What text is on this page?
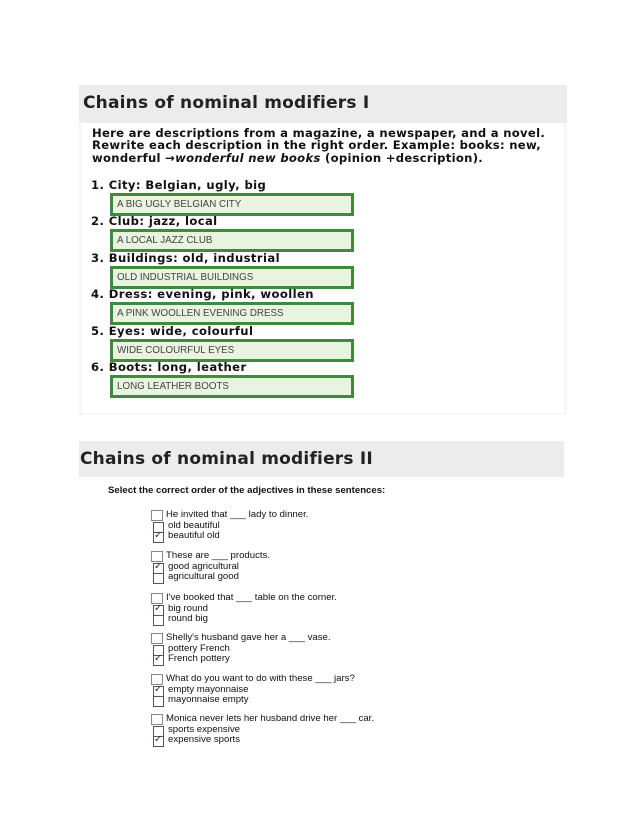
Chains of nominal modifiers I
Here are descriptions from a magazine, a newspaper, and a novel. Rewrite each description in the right order. Example: books: new, wonderful →wonderful new books (opinion +description).
1. City: Belgian, ugly, big
A BIG UGLY BELGIAN CITY
2. Club: jazz, local
A LOCAL JAZZ CLUB
3. Buildings: old, industrial
OLD INDUSTRIAL BUILDINGS
4. Dress: evening, pink, woollen
A PINK WOOLLEN EVENING DRESS
5. Eyes: wide, colourful
WIDE COLOURFUL EYES
6. Boots: long, leather
LONG LEATHER BOOTS
Chains of nominal modifiers II
Select the correct order of the adjectives in these sentences:
He invited that ___ lady to dinner.
old beautiful
✓
beautiful old
These are ___ products.
✓
good agricultural
agricultural good
I've booked that ___ table on the corner.
✓
big round
round big
Shelly's husband gave her a ___ vase.
pottery French
✓
French pottery
What do you want to do with these ___ jars?
✓
empty mayonnaise
mayonnaise empty
Monica never lets her husband drive her ___ car.
sports expensive
✓
expensive sports
